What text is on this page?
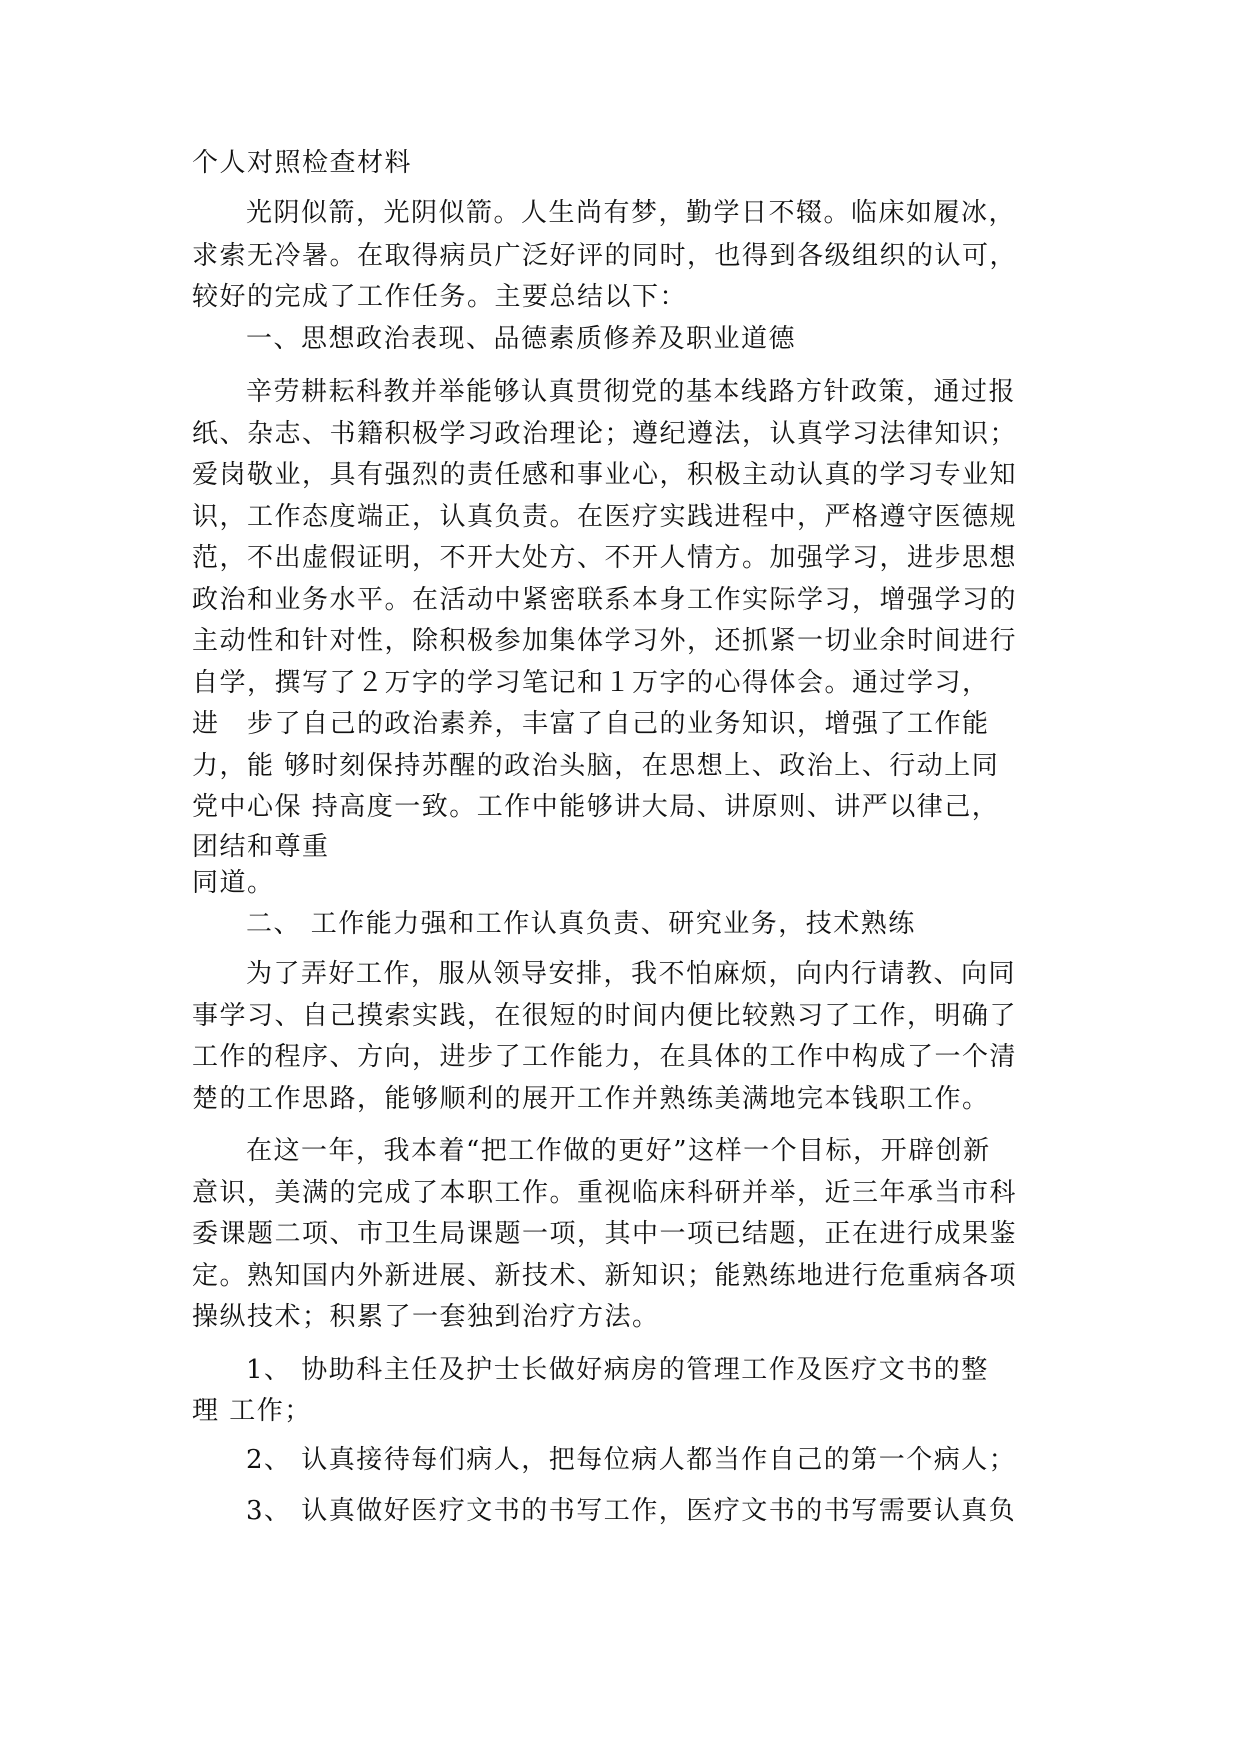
个人对照检查材料
光阴似箭，光阴似箭。人生尚有梦，勤学日不辍。临床如履冰，
求索无冷暑。在取得病员广泛好评的同时，也得到各级组织的认可，
较好的完成了工作任务。主要总结以下：
一、思想政治表现、品德素质修养及职业道德
辛劳耕耘科教并举能够认真贯彻党的基本线路方针政策，通过报
纸、杂志、书籍积极学习政治理论；遵纪遵法，认真学习法律知识；
爱岗敬业，具有强烈的责任感和事业心，积极主动认真的学习专业知
识，工作态度端正，认真负责。在医疗实践进程中，严格遵守医德规
范，不出虚假证明，不开大处方、不开人情方。加强学习，进步思想
政治和业务水平。在活动中紧密联系本身工作实际学习，增强学习的
主动性和针对性，除积极参加集体学习外，还抓紧一切业余时间进行
自学，撰写了２万字的学习笔记和１万字的心得体会。通过学习，
进　步了自己的政治素养，丰富了自己的业务知识，增强了工作能
力，能 够时刻保持苏醒的政治头脑，在思想上、政治上、行动上同
党中心保 持高度一致。工作中能够讲大局、讲原则、讲严以律己，
团结和尊重
同道。
二、 工作能力强和工作认真负责、研究业务，技术熟练
为了弄好工作，服从领导安排，我不怕麻烦，向内行请教、向同
事学习、自己摸索实践，在很短的时间内便比较熟习了工作，明确了
工作的程序、方向，进步了工作能力，在具体的工作中构成了一个清
楚的工作思路，能够顺利的展开工作并熟练美满地完本钱职工作。
在这一年，我本着“把工作做的更好”这样一个目标，开辟创新
意识，美满的完成了本职工作。重视临床科研并举，近三年承当市科
委课题二项、市卫生局课题一项，其中一项已结题，正在进行成果鉴
定。熟知国内外新进展、新技术、新知识；能熟练地进行危重病各项
操纵技术；积累了一套独到治疗方法。
1、 协助科主任及护士长做好病房的管理工作及医疗文书的整
理 工作；
2、 认真接待每们病人，把每位病人都当作自己的第一个病人；
3、 认真做好医疗文书的书写工作，医疗文书的书写需要认真负
